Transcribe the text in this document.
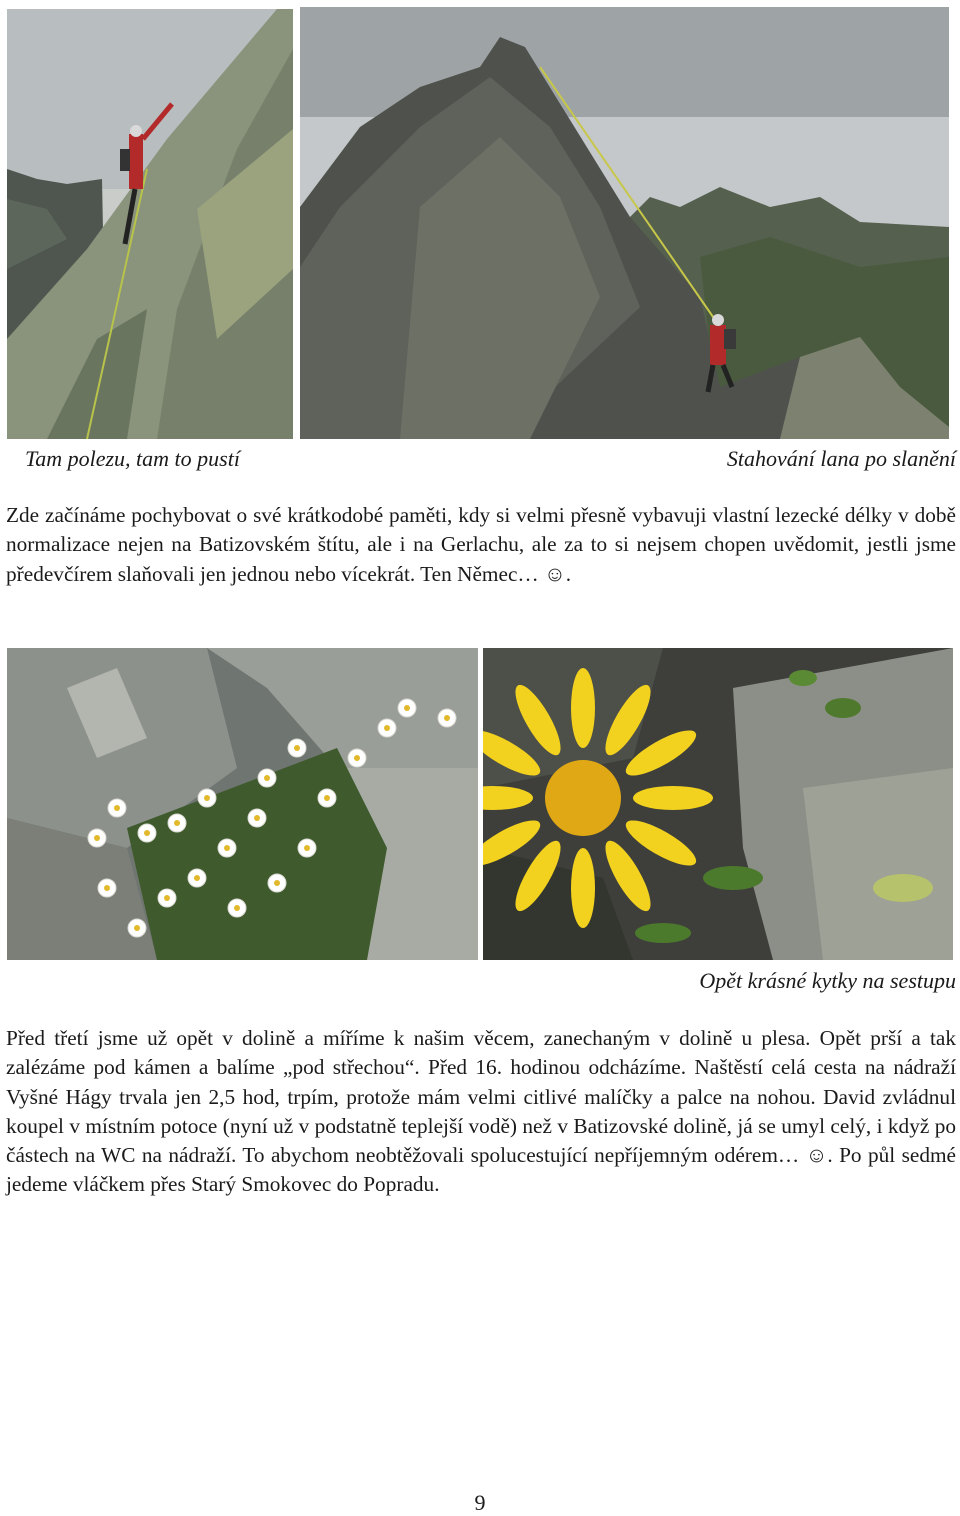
Tam polezu, tam to pustí	Stahování lana po slanění

Zde začínáme pochybovat o své krátkodobé paměti, kdy si velmi přesně vybavuji vlastní lezecké délky v době normalizace nejen na Batizovském štítu, ale i na Gerlachu, ale za to si nejsem chopen uvědomit, jestli jsme předevčírem slaňovali jen jednou nebo vícekrát. Ten Němec… ☺.

Opět krásné kytky na sestupu

Před třetí jsme už opět v dolině a míříme k našim věcem, zanechaným v dolině u plesa. Opět prší a tak zalézáme pod kámen a balíme „pod střechou“. Před 16. hodinou odcházíme. Naštěstí celá cesta na nádraží Vyšné Hágy trvala jen 2,5 hod, trpím, protože mám velmi citlivé malíčky a palce na nohou. David zvládnul koupel v místním potoce (nyní už v podstatně teplejší vodě) než v Batizovské dolině, já se umyl celý, i když po částech na WC na nádraží. To abychom neobtěžovali spolucestující nepříjemným odérem… ☺. Po půl sedmé jedeme vláčkem přes Starý Smokovec do Popradu.

9
